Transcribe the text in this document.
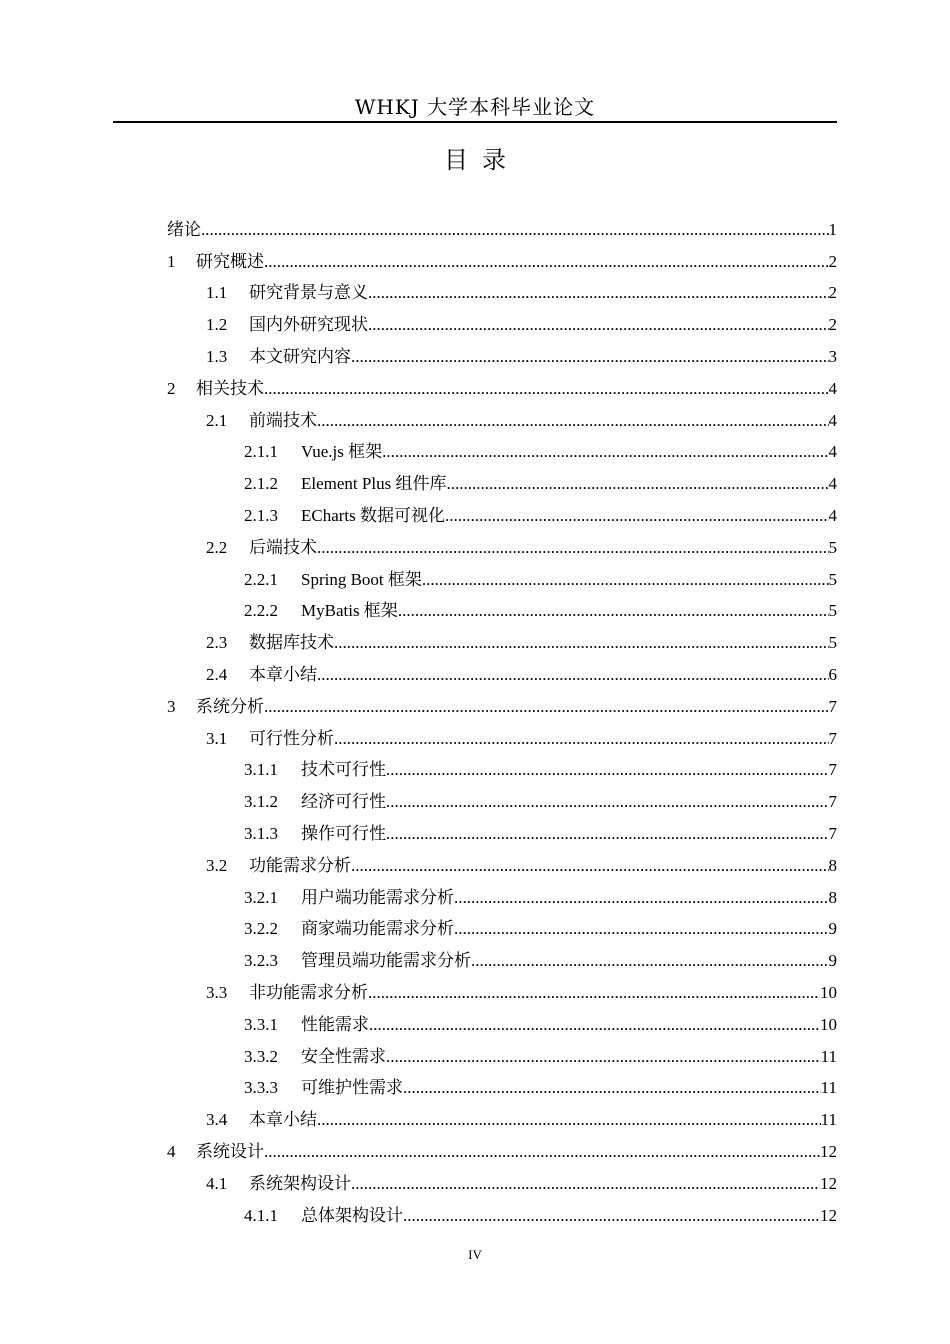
WHKJ 大学本科毕业论文
目录
绪论 .....	1
1	研究概述 .....	2
1.1	研究背景与意义 .....	2
1.2	国内外研究现状 .....	2
1.3	本文研究内容 .....	3
2	相关技术 .....	4
2.1	前端技术 .....	4
2.1.1	Vue.js 框架 .....	4
2.1.2	Element Plus 组件库 .....	4
2.1.3	ECharts 数据可视化 .....	4
2.2	后端技术 .....	5
2.2.1	Spring Boot 框架 .....	5
2.2.2	MyBatis 框架 .....	5
2.3	数据库技术 .....	5
2.4	本章小结 .....	6
3	系统分析 .....	7
3.1	可行性分析 .....	7
3.1.1	技术可行性 .....	7
3.1.2	经济可行性 .....	7
3.1.3	操作可行性 .....	7
3.2	功能需求分析 .....	8
3.2.1	用户端功能需求分析 .....	8
3.2.2	商家端功能需求分析 .....	9
3.2.3	管理员端功能需求分析 .....	9
3.3	非功能需求分析 .....	10
3.3.1	性能需求 .....	10
3.3.2	安全性需求 .....	11
3.3.3	可维护性需求 .....	11
3.4	本章小结 .....	11
4	系统设计 .....	12
4.1	系统架构设计 .....	12
4.1.1	总体架构设计 .....	12
IV
